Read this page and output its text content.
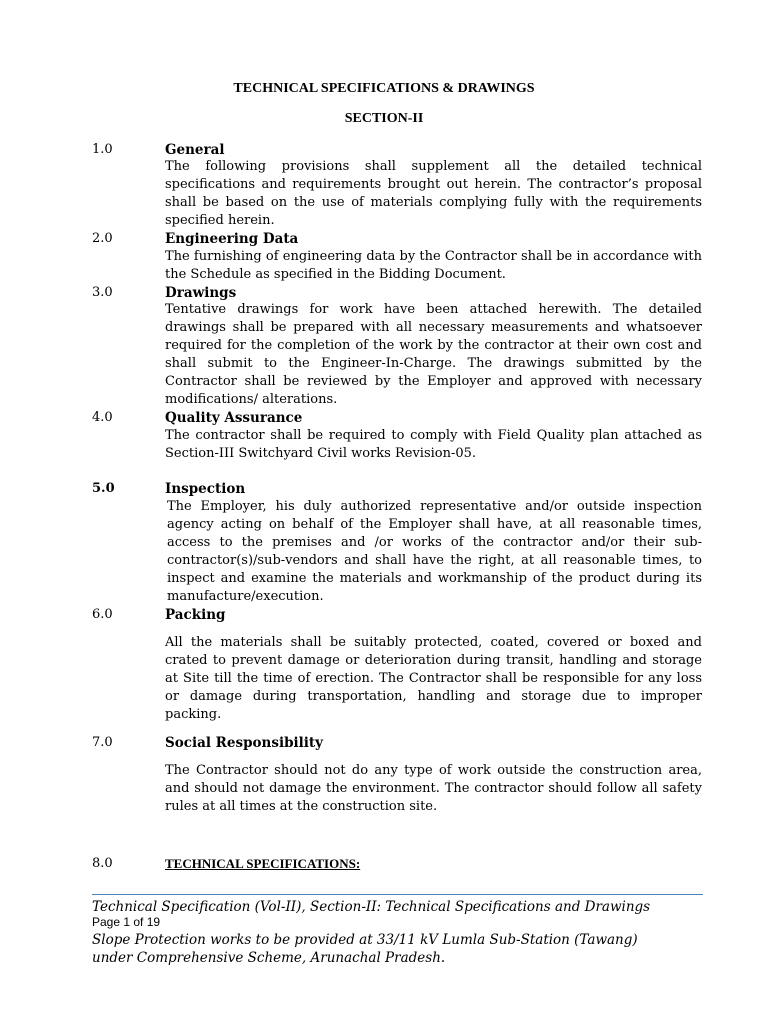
TECHNICAL SPECIFICATIONS & DRAWINGS
SECTION-II
1.0	General

The following provisions shall supplement all the detailed technical specifications and requirements brought out herein. The contractor’s proposal shall be based on the use of materials complying fully with the requirements specified herein.

2.0	Engineering Data

The furnishing of engineering data by the Contractor shall be in accordance with the Schedule as specified in the Bidding Document.

3.0	Drawings

Tentative drawings for work have been attached herewith. The detailed drawings shall be prepared with all necessary measurements and whatsoever required for the completion of the work by the contractor at their own cost and shall submit to the Engineer-In-Charge. The drawings submitted by the Contractor shall be reviewed by the Employer and approved with necessary modifications/ alterations.

4.0	Quality Assurance

The contractor shall be required to comply with Field Quality plan attached as Section-III Switchyard Civil works Revision-05.

5.0	Inspection

The Employer, his duly authorized representative and/or outside inspection agency acting on behalf of the Employer shall have, at all reasonable times, access to the premises and /or works of the contractor and/or their sub-contractor(s)/sub-vendors and shall have the right, at all reasonable times, to inspect and examine the materials and workmanship of the product during its manufacture/execution.

6.0	Packing

All the materials shall be suitably protected, coated, covered or boxed and crated to prevent damage or deterioration during transit, handling and storage at Site till the time of erection. The Contractor shall be responsible for any loss or damage during transportation, handling and storage due to improper packing.

7.0	Social Responsibility

The Contractor should not do any type of work outside the construction area, and should not damage the environment. The contractor should follow all safety rules at all times at the construction site.

8.0	TECHNICAL SPECIFICATIONS:
Technical Specification (Vol-II), Section-II: Technical Specifications and Drawings
Page 1 of 19
Slope Protection works to be provided at 33/11 kV Lumla Sub-Station (Tawang)
under Comprehensive Scheme, Arunachal Pradesh.
